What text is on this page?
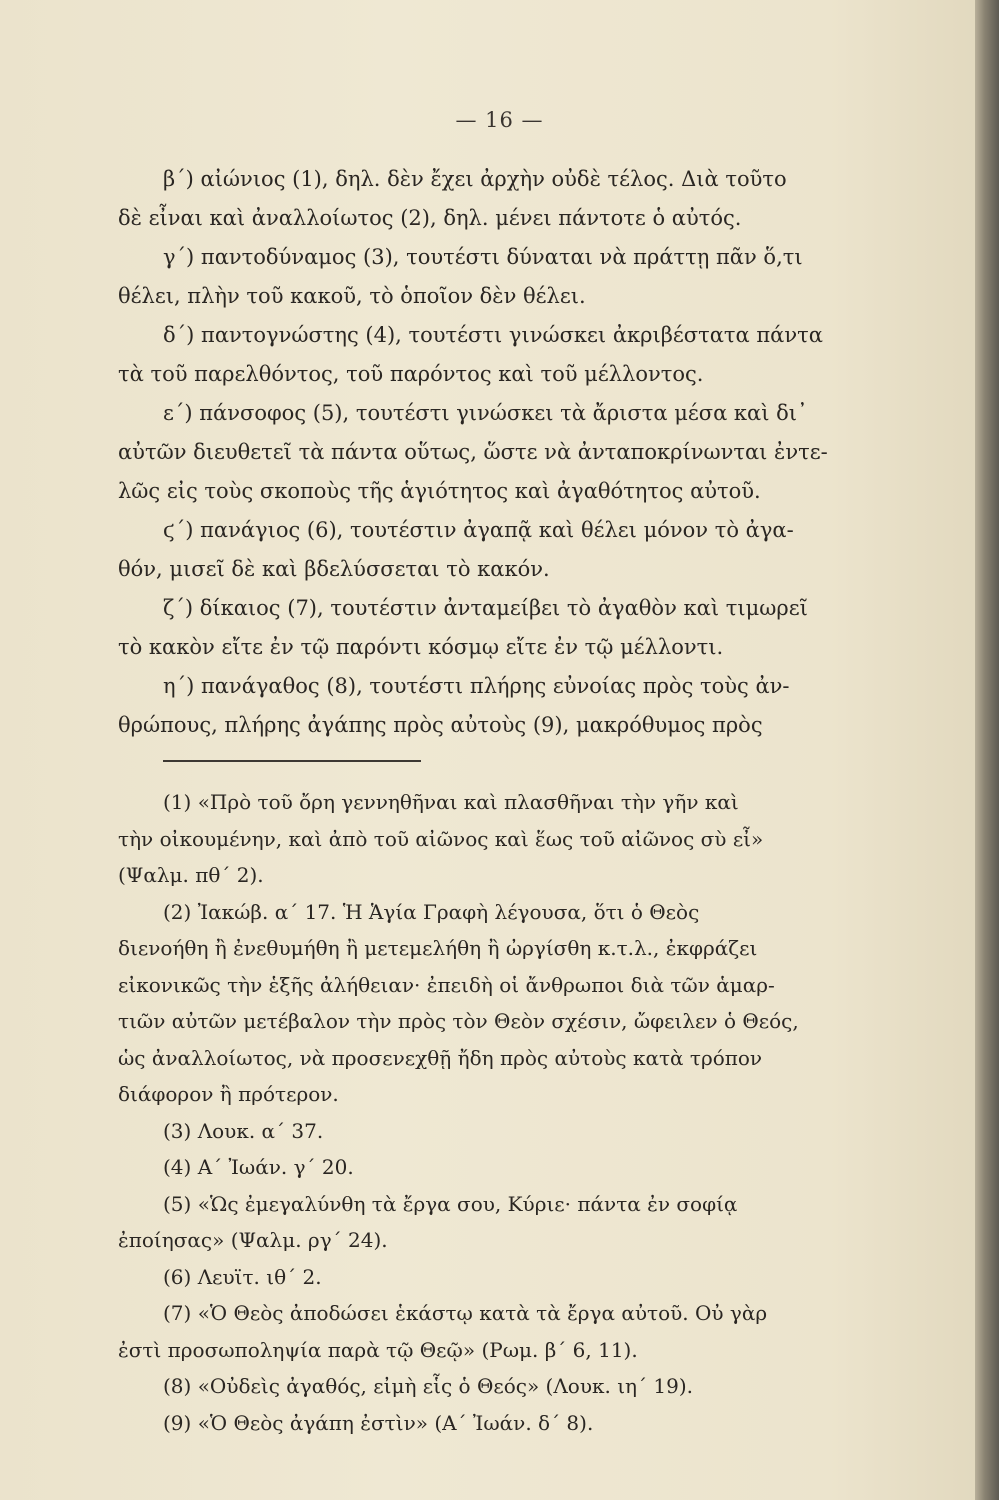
— 16 —
β΄) αἰώνιος (1), δηλ. δὲν ἔχει ἀρχὴν οὐδὲ τέλος. Διὰ τοῦτο
δὲ εἶναι καὶ ἀναλλοίωτος (2), δηλ. μένει πάντοτε ὁ αὐτός.
γ΄) παντοδύναμος (3), τουτέστι δύναται νὰ πράττῃ πᾶν ὅ,τι
θέλει, πλὴν τοῦ κακοῦ, τὸ ὁποῖον δὲν θέλει.
δ΄) παντογνώστης (4), τουτέστι γινώσκει ἀκριβέστατα πάντα
τὰ τοῦ παρελθόντος, τοῦ παρόντος καὶ τοῦ μέλλοντος.
ε΄) πάνσοφος (5), τουτέστι γινώσκει τὰ ἄριστα μέσα καὶ δι᾽
αὐτῶν διευθετεῖ τὰ πάντα οὕτως, ὥστε νὰ ἀνταποκρίνωνται ἐντε-
λῶς εἰς τοὺς σκοποὺς τῆς ἁγιότητος καὶ ἀγαθότητος αὐτοῦ.
ϛ΄) πανάγιος (6), τουτέστιν ἀγαπᾷ καὶ θέλει μόνον τὸ ἀγα-
θόν, μισεῖ δὲ καὶ βδελύσσεται τὸ κακόν.
ζ΄) δίκαιος (7), τουτέστιν ἀνταμείβει τὸ ἀγαθὸν καὶ τιμωρεῖ
τὸ κακὸν εἴτε ἐν τῷ παρόντι κόσμῳ εἴτε ἐν τῷ μέλλοντι.
η΄) πανάγαθος (8), τουτέστι πλήρης εὐνοίας πρὸς τοὺς ἀν-
θρώπους, πλήρης ἀγάπης πρὸς αὐτοὺς (9), μακρόθυμος πρὸς
(1) «Πρὸ τοῦ ὄρη γεννηθῆναι καὶ πλασθῆναι τὴν γῆν καὶ
τὴν οἰκουμένην, καὶ ἀπὸ τοῦ αἰῶνος καὶ ἕως τοῦ αἰῶνος σὺ εἶ»
(Ψαλμ. πθ΄ 2).
(2) Ἰακώβ. α΄ 17. Ἡ Ἁγία Γραφὴ λέγουσα, ὅτι ὁ Θεὸς
διενοήθη ἢ ἐνεθυμήθη ἢ μετεμελήθη ἢ ὠργίσθη κ.τ.λ., ἐκφράζει
εἰκονικῶς τὴν ἑξῆς ἀλήθειαν· ἐπειδὴ οἱ ἄνθρωποι διὰ τῶν ἁμαρ-
τιῶν αὐτῶν μετέβαλον τὴν πρὸς τὸν Θεὸν σχέσιν, ὤφειλεν ὁ Θεός,
ὡς ἀναλλοίωτος, νὰ προσενεχθῇ ἤδη πρὸς αὐτοὺς κατὰ τρόπον
διάφορον ἢ πρότερον.
(3) Λουκ. α΄ 37.
(4) Α΄ Ἰωάν. γ΄ 20.
(5) «Ὡς ἐμεγαλύνθη τὰ ἔργα σου, Κύριε· πάντα ἐν σοφίᾳ
ἐποίησας» (Ψαλμ. ργ΄ 24).
(6) Λευϊτ. ιθ΄ 2.
(7) «Ὁ Θεὸς ἀποδώσει ἑκάστῳ κατὰ τὰ ἔργα αὐτοῦ. Οὐ γὰρ
ἐστὶ προσωποληψία παρὰ τῷ Θεῷ» (Ρωμ. β΄ 6, 11).
(8) «Οὐδεὶς ἀγαθός, εἰμὴ εἷς ὁ Θεός» (Λουκ. ιη΄ 19).
(9) «Ὁ Θεὸς ἀγάπη ἐστὶν» (Α΄ Ἰωάν. δ΄ 8).
